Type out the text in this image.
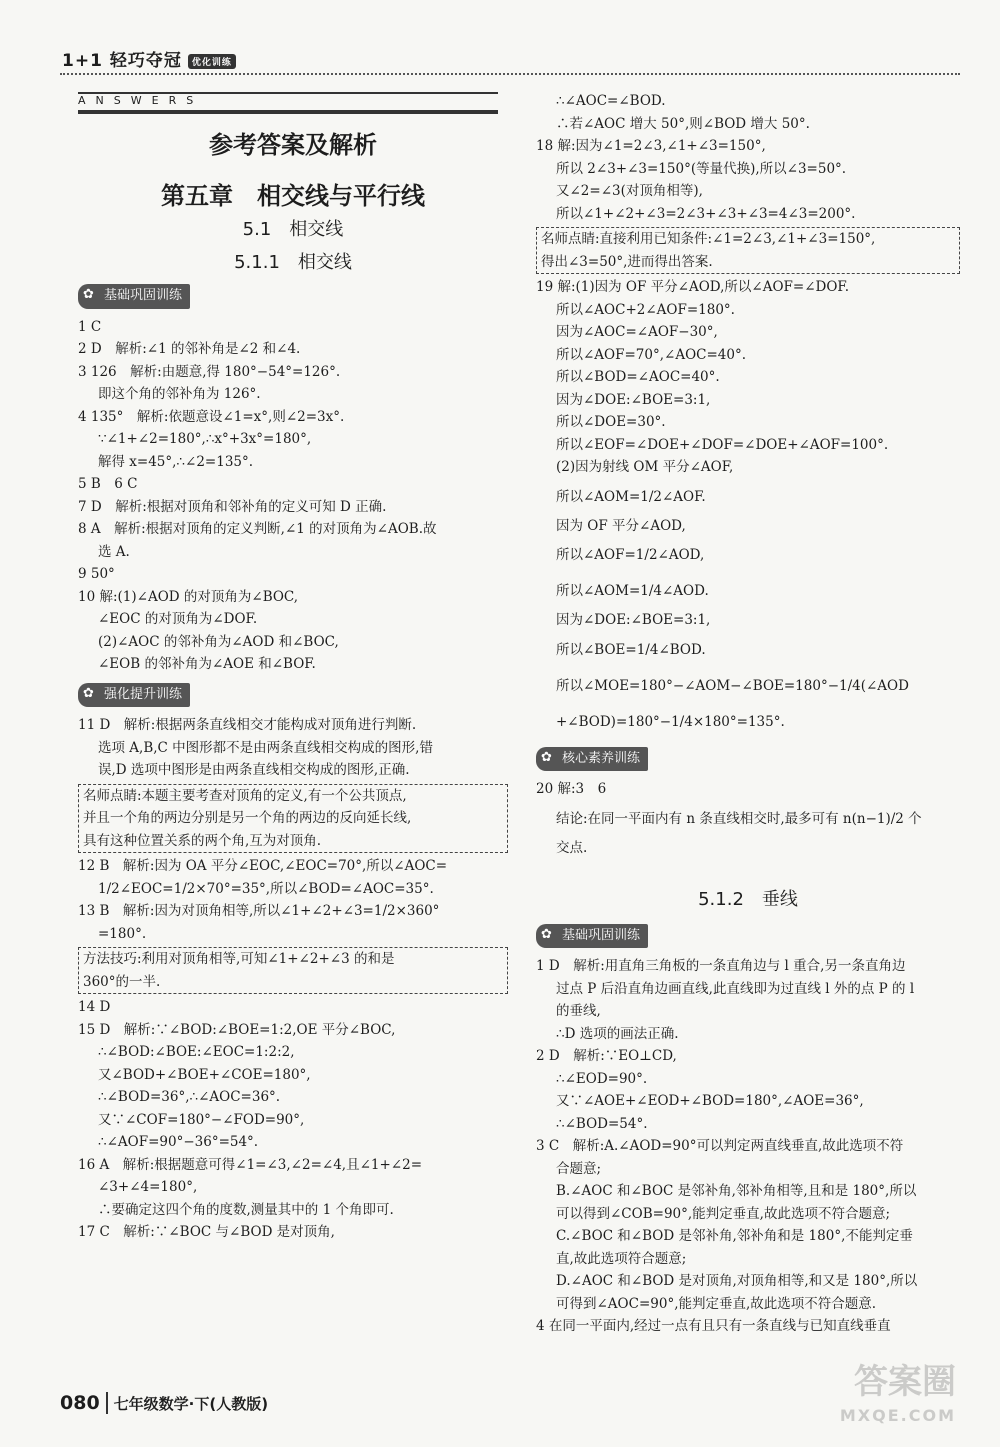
1+1 轻巧夺冠 优化训练
ANSWERS

参考答案及解析

第五章　相交线与平行线

5.1　相交线

5.1.1　相交线

✿ 基础巩固训练

1 C

2 D　解析:∠1 的邻补角是∠2 和∠4.

3 126　解析:由题意,得 180°−54°=126°.

即这个角的邻补角为 126°.

4 135°　解析:依题意设∠1=x°,则∠2=3x°.

∵∠1+∠2=180°,∴x°+3x°=180°,

解得 x=45°,∴∠2=135°.

5 B　6 C

7 D　解析:根据对顶角和邻补角的定义可知 D 正确.

8 A　解析:根据对顶角的定义判断,∠1 的对顶角为∠AOB.故

选 A.

9 50°

10 解:(1)∠AOD 的对顶角为∠BOC,

∠EOC 的对顶角为∠DOF.

(2)∠AOC 的邻补角为∠AOD 和∠BOC,

∠EOB 的邻补角为∠AOE 和∠BOF.

✿ 强化提升训练

11 D　解析:根据两条直线相交才能构成对顶角进行判断.

选项 A,B,C 中图形都不是由两条直线相交构成的图形,错

误,D 选项中图形是由两条直线相交构成的图形,正确.

名师点睛:本题主要考查对顶角的定义,有一个公共顶点,

并且一个角的两边分别是另一个角的两边的反向延长线,

具有这种位置关系的两个角,互为对顶角.

12 B　解析:因为 OA 平分∠EOC,∠EOC=70°,所以∠AOC=

1/2∠EOC=1/2×70°=35°,所以∠BOD=∠AOC=35°.

13 B　解析:因为对顶角相等,所以∠1+∠2+∠3=1/2×360°

=180°.

方法技巧:利用对顶角相等,可知∠1+∠2+∠3 的和是

360°的一半.

14 D

15 D　解析:∵∠BOD:∠BOE=1:2,OE 平分∠BOC,

∴∠BOD:∠BOE:∠EOC=1:2:2,

又∠BOD+∠BOE+∠COE=180°,

∴∠BOD=36°,∴∠AOC=36°.

又∵∠COF=180°−∠FOD=90°,

∴∠AOF=90°−36°=54°.

16 A　解析:根据题意可得∠1=∠3,∠2=∠4,且∠1+∠2=

∠3+∠4=180°,

∴要确定这四个角的度数,测量其中的 1 个角即可.

17 C　解析:∵∠BOC 与∠BOD 是对顶角,

∴∠AOC=∠BOD.

∴若∠AOC 增大 50°,则∠BOD 增大 50°.

18 解:因为∠1=2∠3,∠1+∠3=150°,

所以 2∠3+∠3=150°(等量代换),所以∠3=50°.

又∠2=∠3(对顶角相等),

所以∠1+∠2+∠3=2∠3+∠3+∠3=4∠3=200°.

名师点睛:直接利用已知条件:∠1=2∠3,∠1+∠3=150°,

得出∠3=50°,进而得出答案.

19 解:(1)因为 OF 平分∠AOD,所以∠AOF=∠DOF.

所以∠AOC+2∠AOF=180°.

因为∠AOC=∠AOF−30°,

所以∠AOF=70°,∠AOC=40°.

所以∠BOD=∠AOC=40°.

因为∠DOE:∠BOE=3:1,

所以∠DOE=30°.

所以∠EOF=∠DOE+∠DOF=∠DOE+∠AOF=100°.

(2)因为射线 OM 平分∠AOF,

所以∠AOM=1/2∠AOF.

因为 OF 平分∠AOD,

所以∠AOF=1/2∠AOD,

所以∠AOM=1/4∠AOD.

因为∠DOE:∠BOE=3:1,

所以∠BOE=1/4∠BOD.

所以∠MOE=180°−∠AOM−∠BOE=180°−1/4(∠AOD

+∠BOD)=180°−1/4×180°=135°.

✿ 核心素养训练

20 解:3　6

结论:在同一平面内有 n 条直线相交时,最多可有 n(n−1)/2 个

交点.

5.1.2　垂线

✿ 基础巩固训练

1 D　解析:用直角三角板的一条直角边与 l 重合,另一条直角边

过点 P 后沿直角边画直线,此直线即为过直线 l 外的点 P 的 l

的垂线,

∴D 选项的画法正确.

2 D　解析:∵EO⊥CD,

∴∠EOD=90°.

又∵∠AOE+∠EOD+∠BOD=180°,∠AOE=36°,

∴∠BOD=54°.

3 C　解析:A.∠AOD=90°可以判定两直线垂直,故此选项不符

合题意;

B.∠AOC 和∠BOC 是邻补角,邻补角相等,且和是 180°,所以

可以得到∠COB=90°,能判定垂直,故此选项不符合题意;

C.∠BOC 和∠BOD 是邻补角,邻补角和是 180°,不能判定垂

直,故此选项符合题意;

D.∠AOC 和∠BOD 是对顶角,对顶角相等,和又是 180°,所以

可得到∠AOC=90°,能判定垂直,故此选项不符合题意.

4 在同一平面内,经过一点有且只有一条直线与已知直线垂直

080 七年级数学·下(人教版)
答案圈
MXQE.COM
